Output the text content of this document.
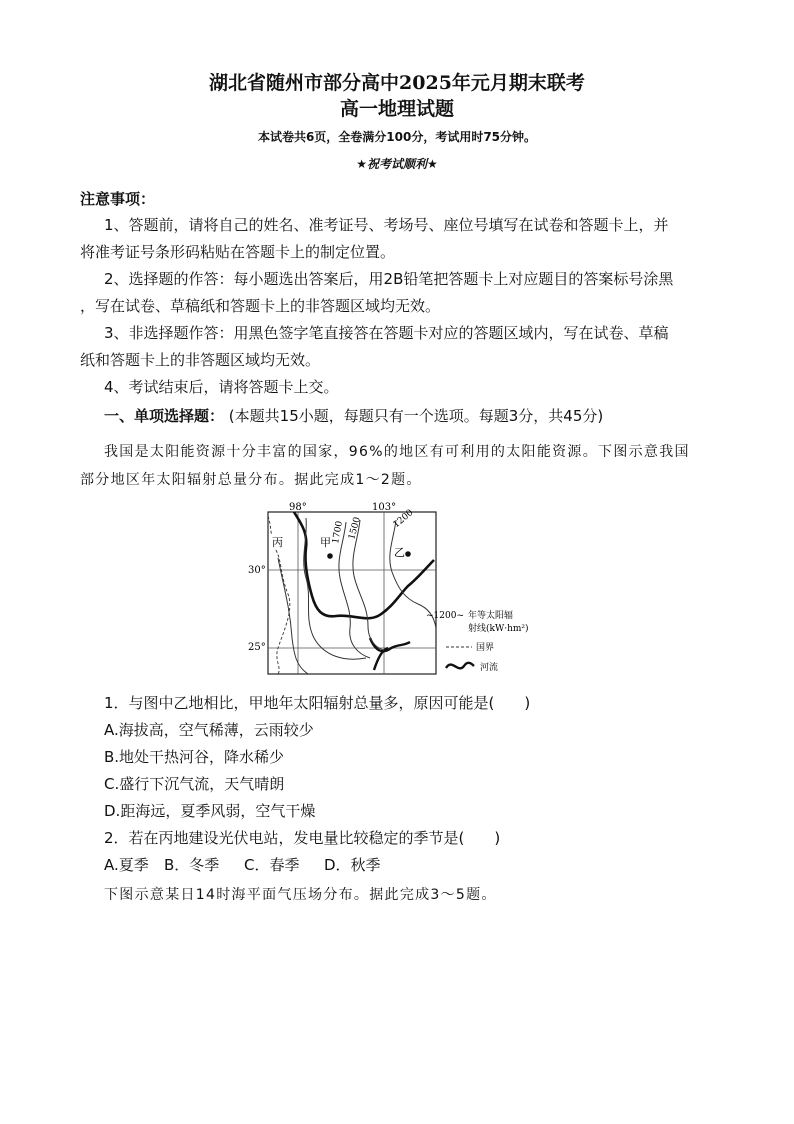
湖北省随州市部分高中2025年元月期末联考
高一地理试题
本试卷共6页，全卷满分100分，考试用时75分钟。
★祝考试顺利★
注意事项：
1、答题前，请将自己的姓名、准考证号、考场号、座位号填写在试卷和答题卡上，并
将准考证号条形码粘贴在答题卡上的制定位置。
2、选择题的作答：每小题选出答案后，用2B铅笔把答题卡上对应题目的答案标号涂黑
，写在试卷、草稿纸和答题卡上的非答题区域均无效。
3、非选择题作答：用黑色签字笔直接答在答题卡对应的答题区域内，写在试卷、草稿
纸和答题卡上的非答题区域均无效。
4、考试结束后，请将答题卡上交。
一、单项选择题： (本题共15小题，每题只有一个选项。每题3分，共45分)
我国是太阳能资源十分丰富的国家，96%的地区有可利用的太阳能资源。下图示意我国
部分地区年太阳辐射总量分布。据此完成1～2题。
98°	103°
30°
25°
1700 1500	1200
丙	甲
乙
~1200~ 年等太阳辐
射线(kW·hm²)
国界
河流
1．与图中乙地相比，甲地年太阳辐射总量多，原因可能是(　　)
A.海拔高，空气稀薄，云雨较少
B.地处干热河谷，降水稀少
C.盛行下沉气流，天气晴朗
D.距海远，夏季风弱，空气干燥
2．若在丙地建设光伏电站，发电量比较稳定的季节是(　　)
A.夏季 B．冬季 C．春季 D．秋季
下图示意某日14时海平面气压场分布。据此完成3～5题。
